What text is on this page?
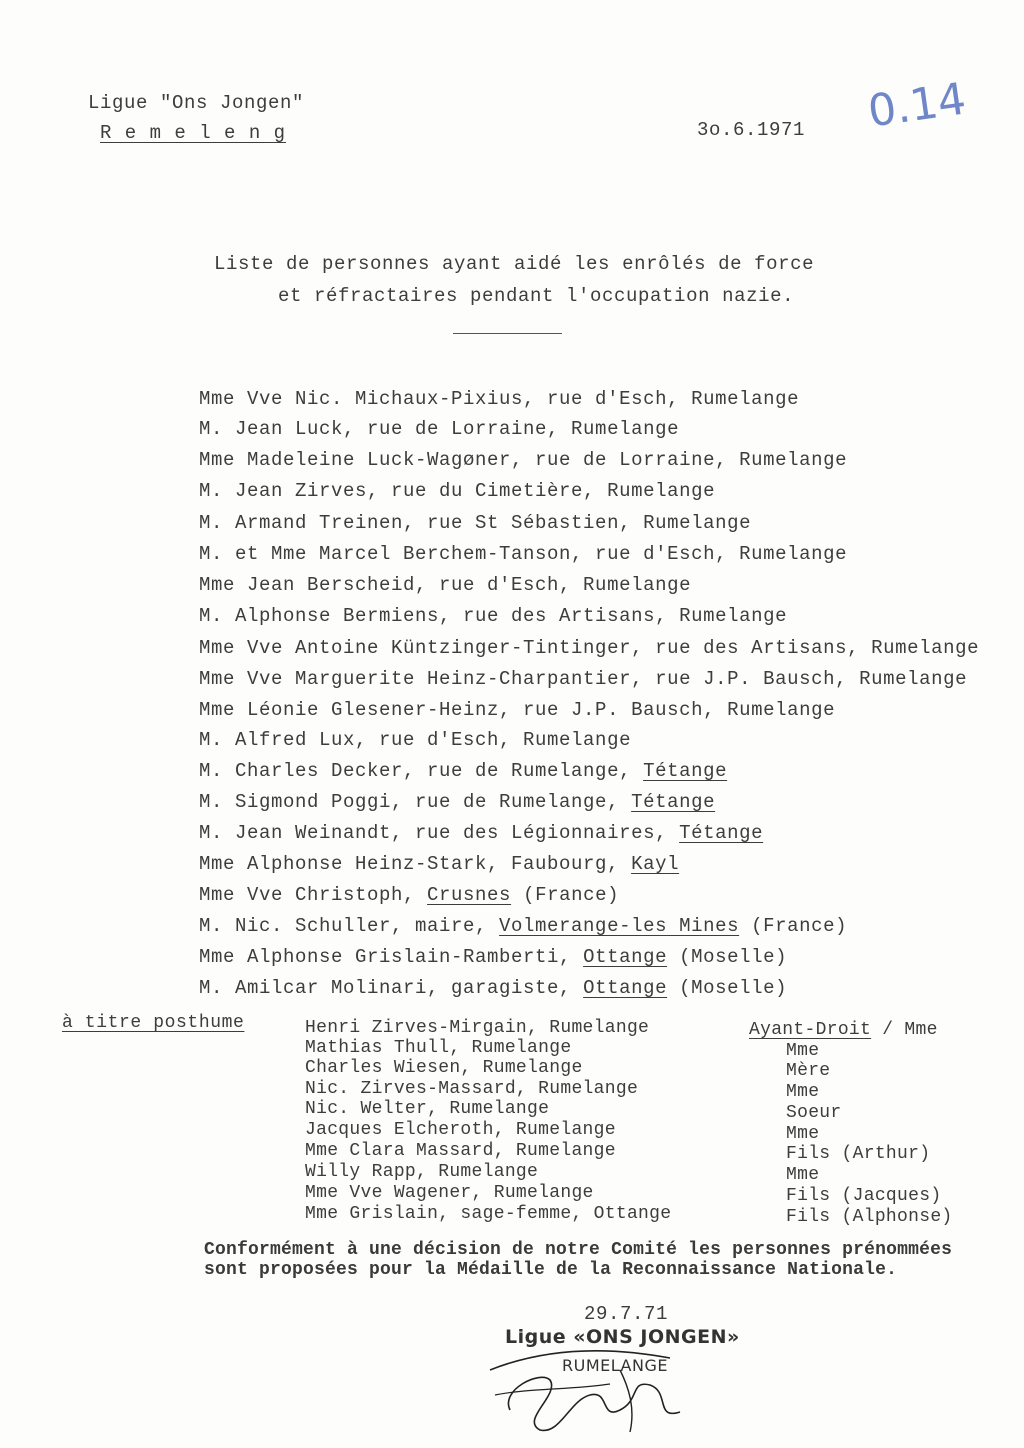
Ligue "Ons Jongen"
R e m e l e n g	3o.6.1971 0.14
Liste de personnes ayant aidé les enrôlés de force
et réfractaires pendant l'occupation nazie.
Mme Vve Nic. Michaux-Pixius, rue d'Esch, Rumelange
M. Jean Luck, rue de Lorraine, Rumelange
Mme Madeleine Luck-Wagøner, rue de Lorraine, Rumelange
M. Jean Zirves, rue du Cimetière, Rumelange
M. Armand Treinen, rue St Sébastien, Rumelange
M. et Mme Marcel Berchem-Tanson, rue d'Esch, Rumelange
Mme Jean Berscheid, rue d'Esch, Rumelange
M. Alphonse Bermiens, rue des Artisans, Rumelange
Mme Vve Antoine Küntzinger-Tintinger, rue des Artisans, Rumelange
Mme Vve Marguerite Heinz-Charpantier, rue J.P. Bausch, Rumelange
Mme Léonie Glesener-Heinz, rue J.P. Bausch, Rumelange
M. Alfred Lux, rue d'Esch, Rumelange
M. Charles Decker, rue de Rumelange, Tétange
M. Sigmond Poggi, rue de Rumelange, Tétange
M. Jean Weinandt, rue des Légionnaires, Tétange
Mme Alphonse Heinz-Stark, Faubourg, Kayl
Mme Vve Christoph, Crusnes (France)
M. Nic. Schuller, maire, Volmerange-les Mines (France)
Mme Alphonse Grislain-Ramberti, Ottange (Moselle)
M. Amilcar Molinari, garagiste, Ottange (Moselle)
à titre posthume	Ayant-Droit / Mme
Henri Zirves-Mirgain, Rumelange
Mathias Thull, Rumelange	Mme
Charles Wiesen, Rumelange	Mère
Nic. Zirves-Massard, Rumelange	Mme
Nic. Welter, Rumelange	Soeur
Jacques Elcheroth, Rumelange	Mme
Mme Clara Massard, Rumelange	Fils (Arthur)
Willy Rapp, Rumelange	Mme
Mme Vve Wagener, Rumelange	Fils (Jacques)
Mme Grislain, sage-femme, Ottange	Fils (Alphonse)
Conformément à une décision de notre Comité les personnes prénommées sont proposées pour la Médaille de la Reconnaissance Nationale.
29.7.71
Ligue «ONS JONGEN»
RUMELANGE
